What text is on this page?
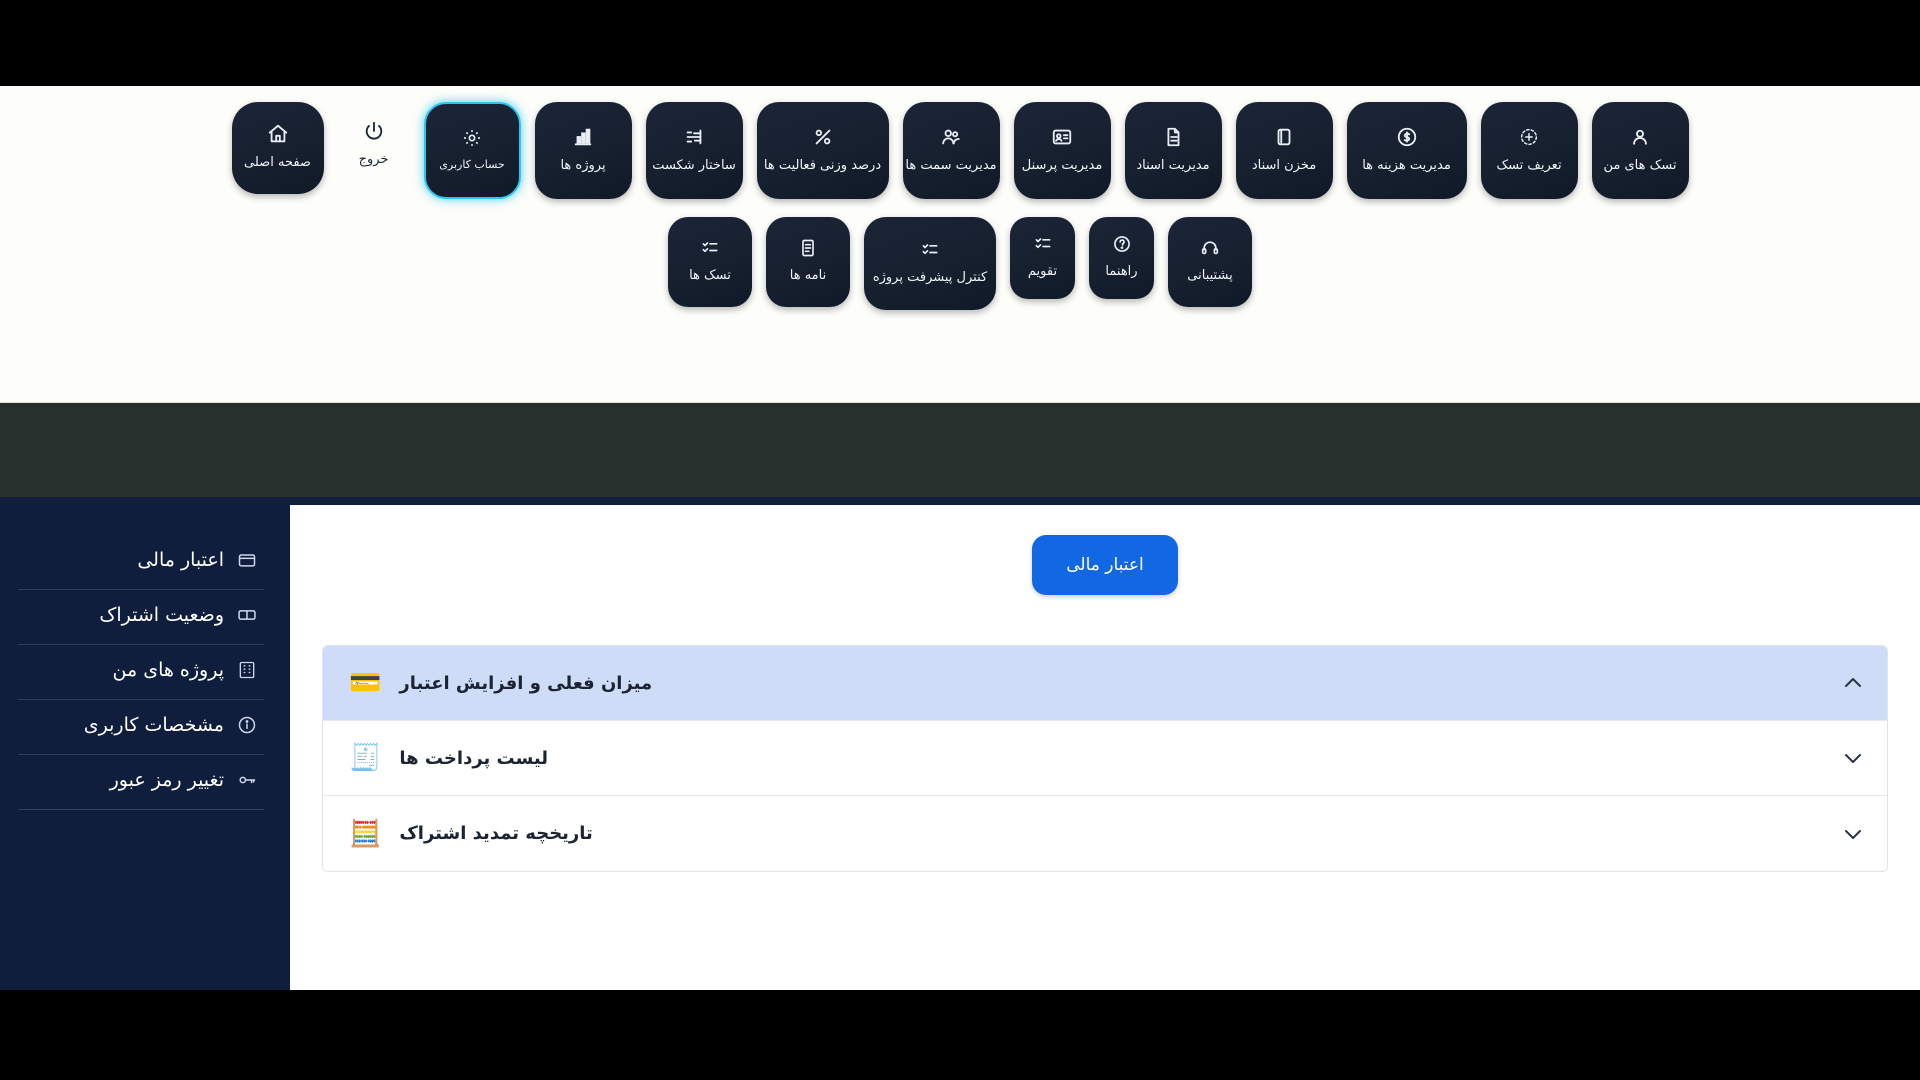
صفحه اصلی	خروج	حساب کاربری	پروژه ها	ساختار شکست درصد وزنی فعالیت ها مدیریت سمت ها مدیریت پرسنل	مدیریت اسناد	مخزن اسناد	مدیریت هزینه ها	تعریف تسک	تسک های من
تسک ها	نامه ها	کنترل پیشرفت پروژه	تقویم	راهنما	پشتیبانی
اعتبار مالی
میزان فعلی و افزایش اعتبار
💳
لیست پرداخت ها
🧾
تاریخچه تمدید اشتراک
🧮
اعتبار مالی
وضعیت اشتراک
پروژه های من
مشخصات کاربری
تغییر رمز عبور
